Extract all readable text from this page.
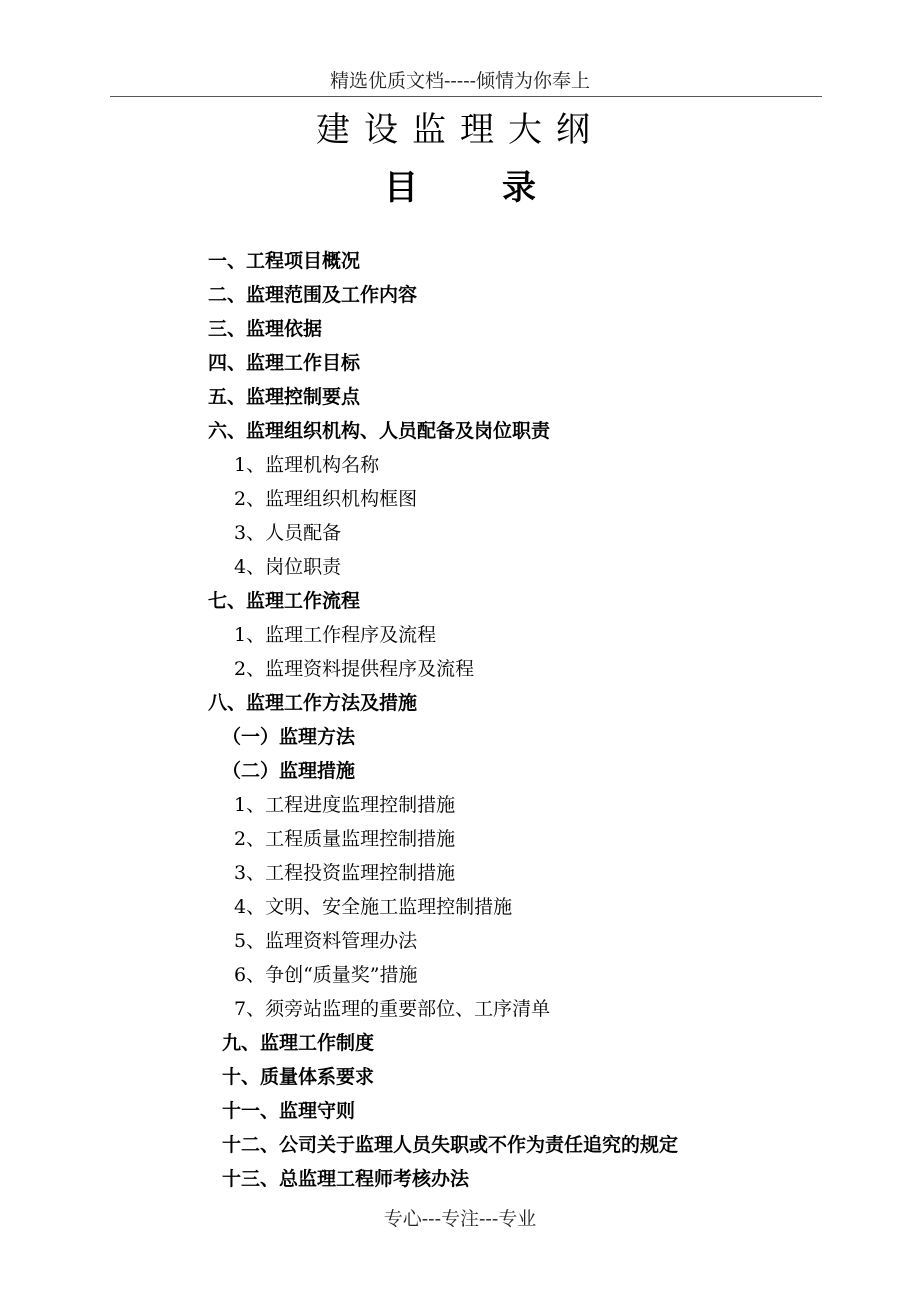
精选优质文档-----倾情为你奉上
建设监理大纲
目 录
一、工程项目概况
二、监理范围及工作内容
三、监理依据
四、监理工作目标
五、监理控制要点
六、监理组织机构、人员配备及岗位职责
1、监理机构名称
2、监理组织机构框图
3、人员配备
4、岗位职责
七、监理工作流程
1、监理工作程序及流程
2、监理资料提供程序及流程
八、监理工作方法及措施
（一）监理方法
（二）监理措施
1、工程进度监理控制措施
2、工程质量监理控制措施
3、工程投资监理控制措施
4、文明、安全施工监理控制措施
5、监理资料管理办法
6、争创“质量奖”措施
7、须旁站监理的重要部位、工序清单
九、监理工作制度
十、质量体系要求
十一、监理守则
十二、公司关于监理人员失职或不作为责任追究的规定
十三、总监理工程师考核办法
专心---专注---专业
